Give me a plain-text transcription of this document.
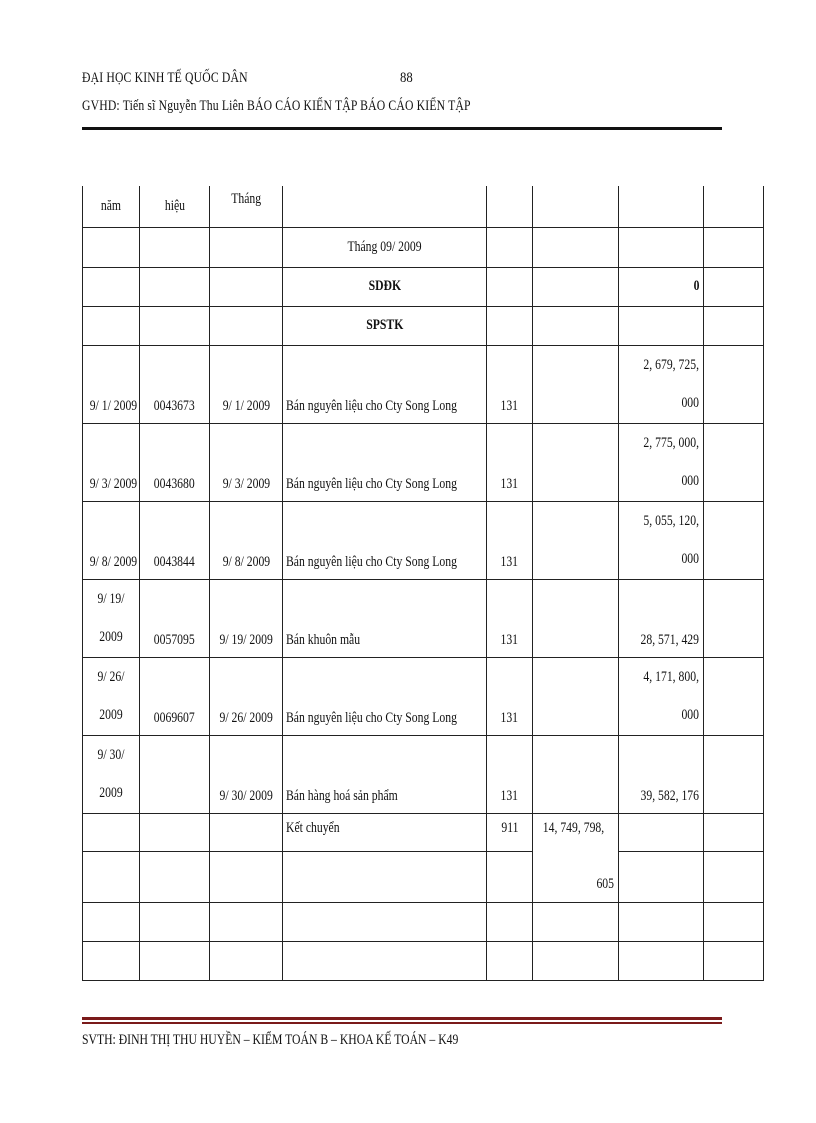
ĐẠI HỌC KINH TẾ QUỐC DÂN	88
GVHD: Tiến sĩ Nguyễn Thu Liên BÁO CÁO KIẾN TẬP BÁO CÁO KIẾN TẬP
năm	hiệu	Tháng					
			Tháng 09/ 2009				
			SDĐK			0	
			SPSTK				
9/ 1/ 2009	0043673	9/ 1/ 2009	Bán nguyên liệu cho Cty Song Long	131		2, 679, 725,
000	

9/ 3/ 2009	0043680	9/ 3/ 2009	Bán nguyên liệu cho Cty Song Long	131		2, 775, 000,
000	

9/ 8/ 2009	0043844	9/ 8/ 2009	Bán nguyên liệu cho Cty Song Long	131		5, 055, 120,
000	

9/ 19/
2009	0057095	9/ 19/ 2009	Bán khuôn mẫu	131		28, 571, 429	

9/ 26/
2009	0069607	9/ 26/ 2009	Bán nguyên liệu cho Cty Song Long	131		4, 171, 800,
000	

9/ 30/
2009		9/ 30/ 2009	Bán hàng hoá sản phẩm	131		39, 582, 176	
			Kết chuyển	911	14, 749, 798,
605		

SVTH: ĐINH THỊ THU HUYỀN – KIỂM TOÁN B – KHOA KẾ TOÁN – K49
